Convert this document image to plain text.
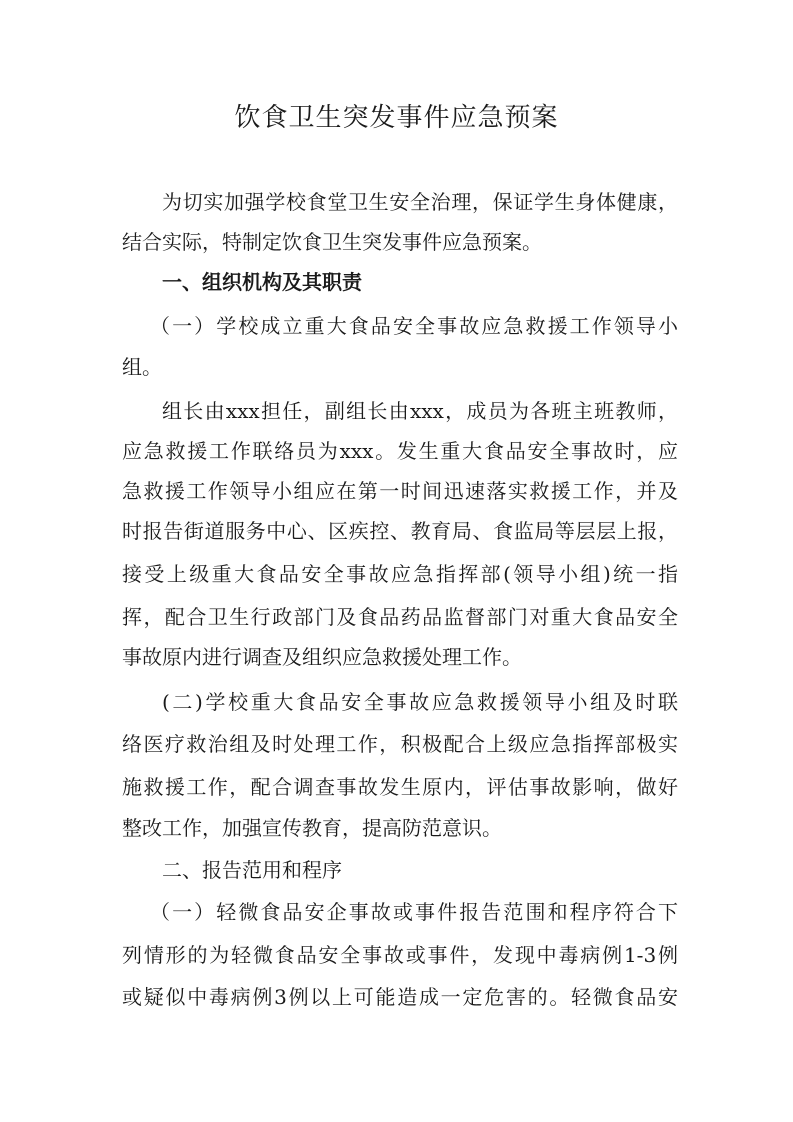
饮食卫生突发事件应急预案
为切实加强学校食堂卫生安全治理，保证学生身体健康，
结合实际，特制定饮食卫生突发事件应急预案。
一、组织机构及其职责
（一）学校成立重大食品安全事故应急救援工作领导小
组。
组长由xxx担任，副组长由xxx，成员为各班主班教师，
应急救援工作联络员为xxx。发生重大食品安全事故时，应
急救援工作领导小组应在第一时间迅速落实救援工作，并及
时报告街道服务中心、区疾控、教育局、食监局等层层上报，
接受上级重大食品安全事故应急指挥部(领导小组)统一指
挥，配合卫生行政部门及食品药品监督部门对重大食品安全
事故原内进行调查及组织应急救援处理工作。
(二)学校重大食品安全事故应急救援领导小组及时联
络医疗救治组及时处理工作，积极配合上级应急指挥部极实
施救援工作，配合调查事故发生原内，评估事故影响，做好
整改工作，加强宣传教育，提高防范意识。
二、报告范用和程序
（一）轻微食品安企事故或事件报告范围和程序符合下
列情形的为轻微食品安全事故或事件，发现中毒病例1-3例
或疑似中毒病例3例以上可能造成一定危害的。轻微食品安
